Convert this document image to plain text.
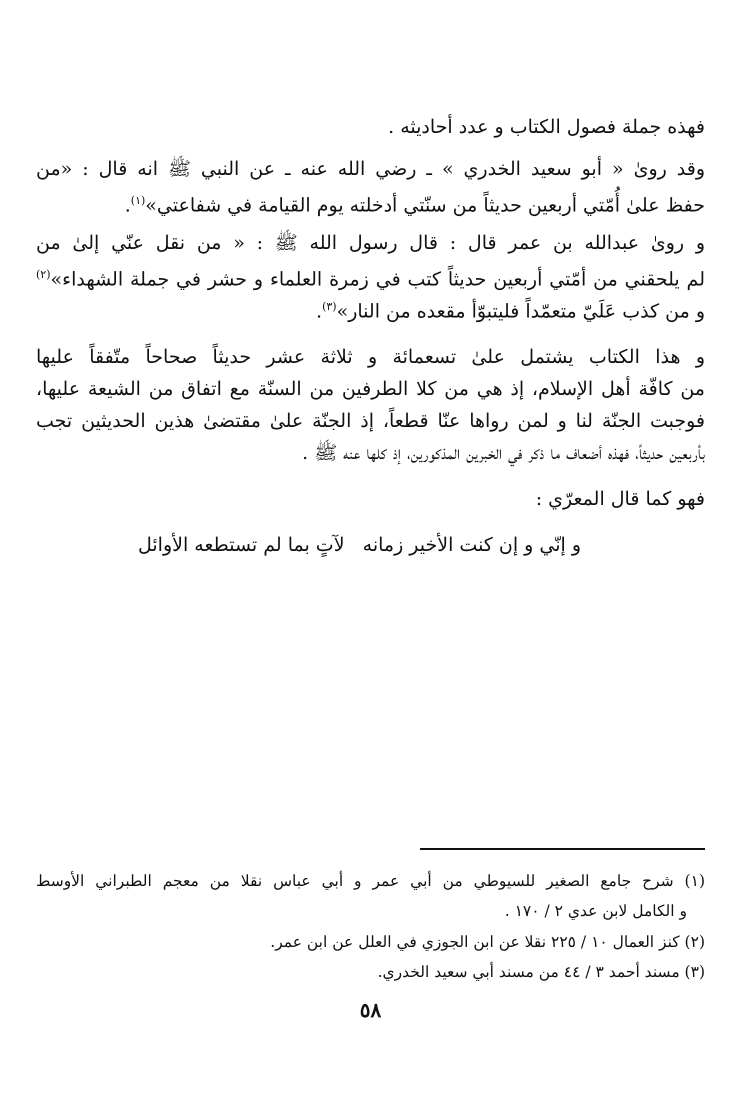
فهذه جملة فصول الكتاب و عدد أحاديثه .
وقد رویٰ « أبو سعيد الخدري » ـ رضي الله عنه ـ عن النبي ﷺ انه قال : «من
حفظ علىٰ أُمّتي أربعين حديثاً من سنّتي أدخلته يوم القيامة في شفاعتي»$^{(١)}$.
و رویٰ عبدالله بن عمر قال : قال رسول الله ﷺ : « من نقل عنّي إلىٰ من
لم يلحقني من أمّتي أربعين حديثاً كتب في زمرة العلماء و حشر في جملة الشهداء»$^{(٢)}$
و من كذب عَلَيّ متعمّداً فليتبوّأ مقعده من النار»$^{(٣)}$.
و هذا الكتاب يشتمل علىٰ تسعمائة و ثلاثة عشر حديثاً صحاحاً متّفقاً عليها
من كافّة أهل الإسلام، إذ هي من كلا الطرفين من السنّة مع اتفاق من الشيعة عليها،
فوجبت الجنّة لنا و لمن رواها عنّا قطعاً، إذ الجنّة علىٰ مقتضىٰ هذين الحديثين تجب
بأربعين حديثاً، فهذه أضعاف ما ذكر في الخبرين المذكورين، إذ كلها عنه ﷺ .
فهو كما قال المعرّي :
و إنّي و إن كنت الأخير زمانه
لآتٍ بما لم تستطعه الأوائل
(١) شرح جامع الصغير للسيوطي من أبي عمر و أبي عباس نقلا من معجم الطبراني الأوسط
و الكامل لابن عدي ٢ / ١٧٠ .
(٢) كنز العمال ١٠ / ٢٢٥ نقلا عن ابن الجوزي في العلل عن ابن عمر.
(٣) مسند أحمد ٣ / ٤٤ من مسند أبي سعيد الخدري.
٥٨
